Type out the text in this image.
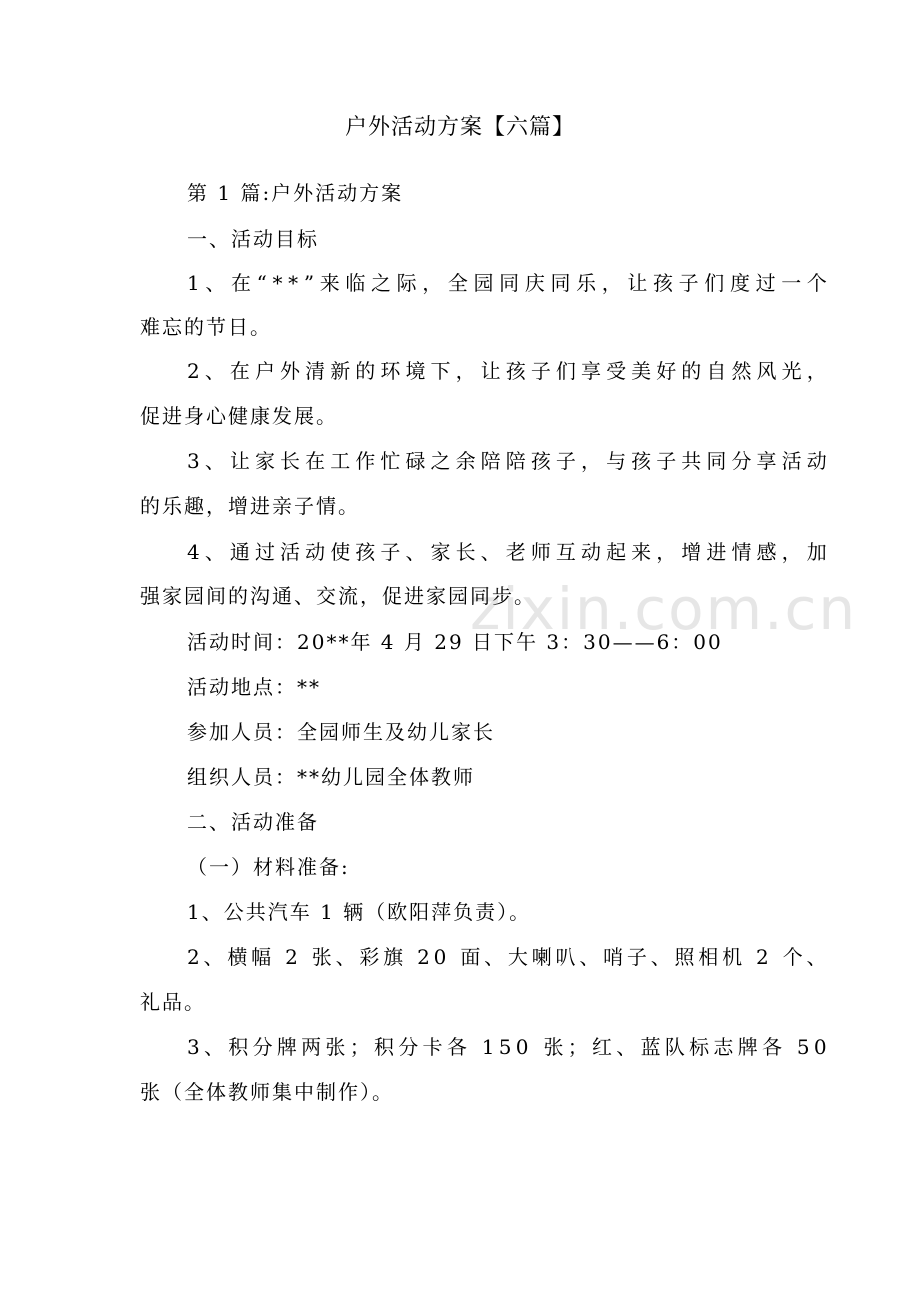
zixin.com.cn
户外活动方案【六篇】
第 1 篇:户外活动方案
一、活动目标
1 、 在 “ * * ” 来 临 之 际 ， 全 园 同 庆 同 乐 ， 让 孩 子 们 度 过 一 个
难忘的节日。
2 、 在 户 外 清 新 的 环 境 下 ， 让 孩 子 们 享 受 美 好 的 自 然 风 光 ，
促进身心健康发展。
3 、 让 家 长 在 工 作 忙 碌 之 余 陪 陪 孩 子 ， 与 孩 子 共 同 分 享 活 动
的乐趣，增进亲子情。
4 、 通 过 活 动 使 孩 子 、 家 长 、 老 师 互 动 起 来 ， 增 进 情 感 ， 加
强家园间的沟通、交流，促进家园同步。
活动时间：20**年 4 月 29 日下午 3：30——6：00
活动地点：**
参加人员：全园师生及幼儿家长
组织人员：**幼儿园全体教师
二、活动准备
（一）材料准备:
1、公共汽车 1 辆（欧阳萍负责）。
2 、 横 幅
2
张 、 彩 旗
2 0
面 、 大 喇 叭 、 哨 子 、 照 相 机
2
个 、
礼品。
3 、 积 分 牌 两 张 ； 积 分 卡 各
1 5 0
张 ； 红 、 蓝 队 标 志 牌 各
5 0
张（全体教师集中制作）。
